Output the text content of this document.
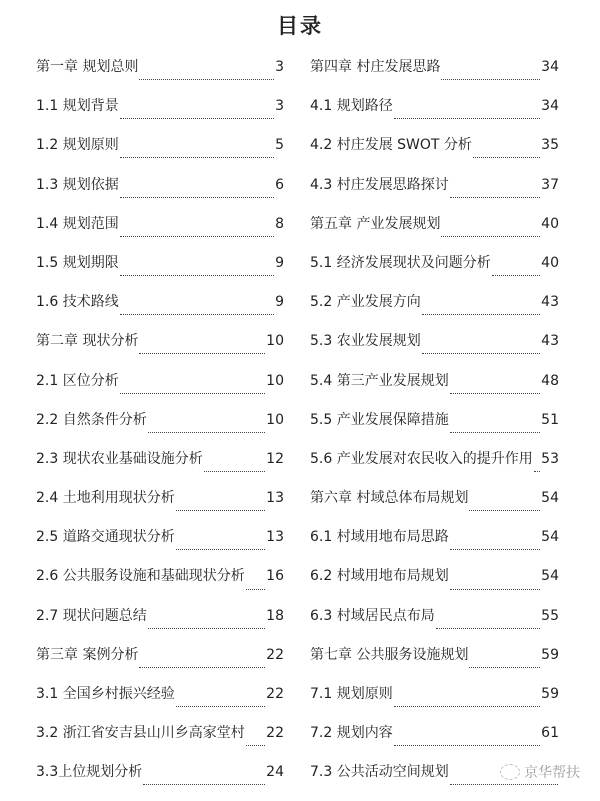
目录
第一章 规划总则	3
1.1 规划背景	3
1.2 规划原则	5
1.3 规划依据	6
1.4 规划范围	8
1.5 规划期限	9
1.6 技术路线	9
第二章 现状分析	10
2.1 区位分析	10
2.2 自然条件分析	10
2.3 现状农业基础设施分析	12
2.4 土地利用现状分析	13
2.5 道路交通现状分析	13
2.6 公共服务设施和基础现状分析 16
2.7 现状问题总结	18
第三章 案例分析	22
3.1 全国乡村振兴经验	22
3.2 浙江省安吉县山川乡高家堂村 22
3.3上位规划分析	24
第四章 村庄发展思路	34
4.1 规划路径	34
4.2 村庄发展 SWOT 分析	35
4.3 村庄发展思路探讨	37
第五章 产业发展规划	40
5.1 经济发展现状及问题分析	40
5.2 产业发展方向	43
5.3 农业发展规划	43
5.4 第三产业发展规划	48
5.5 产业发展保障措施	51
5.6 产业发展对农民收入的提升作用 53
第六章 村域总体布局规划	54
6.1 村域用地布局思路	54
6.2 村域用地布局规划	54
6.3 村域居民点布局	55
第七章 公共服务设施规划	59
7.1 规划原则	59
7.2 规划内容	61
7.3 公共活动空间规划	京华帮扶
